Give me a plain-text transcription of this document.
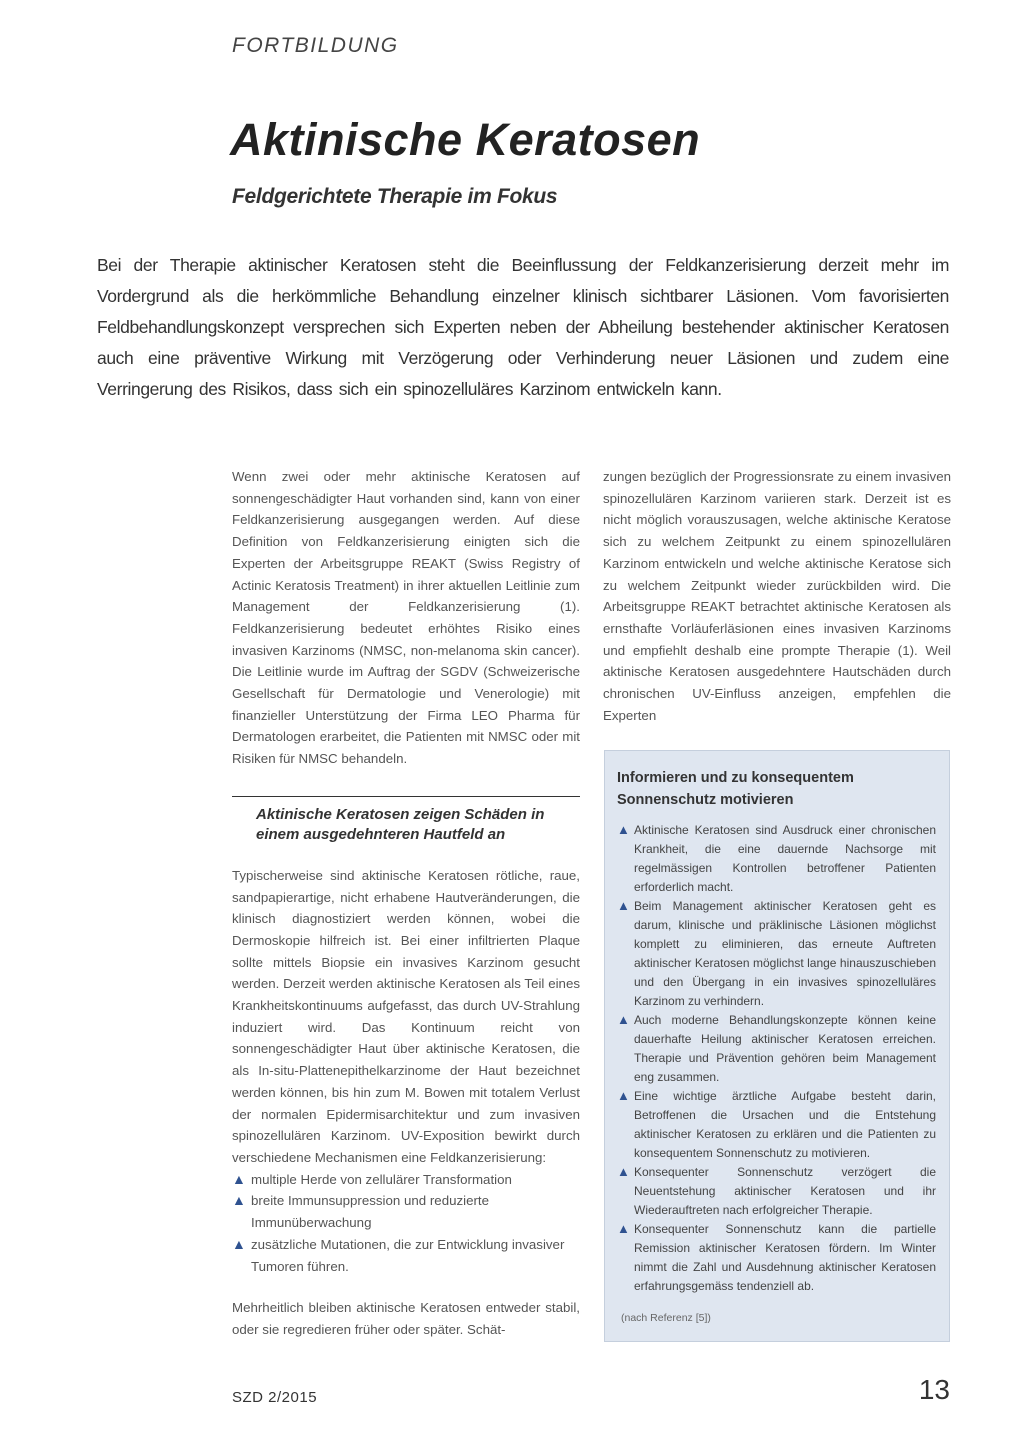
FORTBILDUNG
Aktinische Keratosen
Feldgerichtete Therapie im Fokus

Bei der Therapie aktinischer Keratosen steht die Beeinflussung der Feldkanzerisierung derzeit mehr im Vordergrund als die herkömmliche Behandlung einzelner klinisch sichtbarer Läsionen. Vom favorisierten Feldbehandlungskonzept versprechen sich Experten neben der Abheilung bestehender aktinischer Keratosen auch eine präventive Wirkung mit Verzögerung oder Verhinderung neuer Läsionen und zudem eine Verringerung des Risikos, dass sich ein spinozelluläres Karzinom entwickeln kann.

Wenn zwei oder mehr aktinische Keratosen auf sonnengeschädigter Haut vorhanden sind, kann von einer Feldkanzerisierung ausgegangen werden. Auf diese Definition von Feldkanzerisierung einigten sich die Experten der Arbeitsgruppe REAKT (Swiss Registry of Actinic Keratosis Treatment) in ihrer aktuellen Leitlinie zum Management der Feldkanzerisierung (1). Feldkanzerisierung bedeutet erhöhtes Risiko eines invasiven Karzinoms (NMSC, non-melanoma skin cancer). Die Leitlinie wurde im Auftrag der SGDV (Schweizerische Gesellschaft für Dermatologie und Venerologie) mit finanzieller Unterstützung der Firma LEO Pharma für Dermatologen erarbeitet, die Patienten mit NMSC oder mit Risiken für NMSC behandeln.

Aktinische Keratosen zeigen Schäden in einem ausgedehnteren Hautfeld an

Typischerweise sind aktinische Keratosen rötliche, raue, sandpapierartige, nicht erhabene Hautveränderungen, die klinisch diagnostiziert werden können, wobei die Dermoskopie hilfreich ist. Bei einer infiltrierten Plaque sollte mittels Biopsie ein invasives Karzinom gesucht werden. Derzeit werden aktinische Keratosen als Teil eines Krankheitskontinuums aufgefasst, das durch UV-Strahlung induziert wird. Das Kontinuum reicht von sonnengeschädigter Haut über aktinische Keratosen, die als In-situ-Plattenepithelkarzinome der Haut bezeichnet werden können, bis hin zum M. Bowen mit totalem Verlust der normalen Epidermisarchitektur und zum invasiven spinozellulären Karzinom. UV-Exposition bewirkt durch verschiedene Mechanismen eine Feldkanzerisierung:

▲ multiple Herde von zellulärer Transformation
▲ breite Immunsuppression und reduzierte Immunüberwachung
▲ zusätzliche Mutationen, die zur Entwicklung invasiver Tumoren führen.

Mehrheitlich bleiben aktinische Keratosen entweder stabil, oder sie regredieren früher oder später. Schät-

zungen bezüglich der Progressionsrate zu einem invasiven spinozellulären Karzinom variieren stark. Derzeit ist es nicht möglich vorauszusagen, welche aktinische Keratose sich zu welchem Zeitpunkt zu einem spinozellulären Karzinom entwickeln und welche aktinische Keratose sich zu welchem Zeitpunkt wieder zurückbilden wird. Die Arbeitsgruppe REAKT betrachtet aktinische Keratosen als ernsthafte Vorläuferläsionen eines invasiven Karzinoms und empfiehlt deshalb eine prompte Therapie (1). Weil aktinische Keratosen ausgedehntere Hautschäden durch chronischen UV-Einfluss anzeigen, empfehlen die Experten

Informieren und zu konsequentem Sonnenschutz motivieren
▲ Aktinische Keratosen sind Ausdruck einer chronischen Krankheit, die eine dauernde Nachsorge mit regelmässigen Kontrollen betroffener Patienten erforderlich macht.
▲ Beim Management aktinischer Keratosen geht es darum, klinische und präklinische Läsionen möglichst komplett zu eliminieren, das erneute Auftreten aktinischer Keratosen möglichst lange hinauszuschieben und den Übergang in ein invasives spinozelluläres Karzinom zu verhindern.
▲ Auch moderne Behandlungskonzepte können keine dauerhafte Heilung aktinischer Keratosen erreichen. Therapie und Prävention gehören beim Management eng zusammen.
▲ Eine wichtige ärztliche Aufgabe besteht darin, Betroffenen die Ursachen und die Entstehung aktinischer Keratosen zu erklären und die Patienten zu konsequentem Sonnenschutz zu motivieren.
▲ Konsequenter Sonnenschutz verzögert die Neuentstehung aktinischer Keratosen und ihr Wiederauftreten nach erfolgreicher Therapie.
▲ Konsequenter Sonnenschutz kann die partielle Remission aktinischer Keratosen fördern. Im Winter nimmt die Zahl und Ausdehnung aktinischer Keratosen erfahrungsgemäss tendenziell ab.

(nach Referenz [5])

SZD 2/2015	13
